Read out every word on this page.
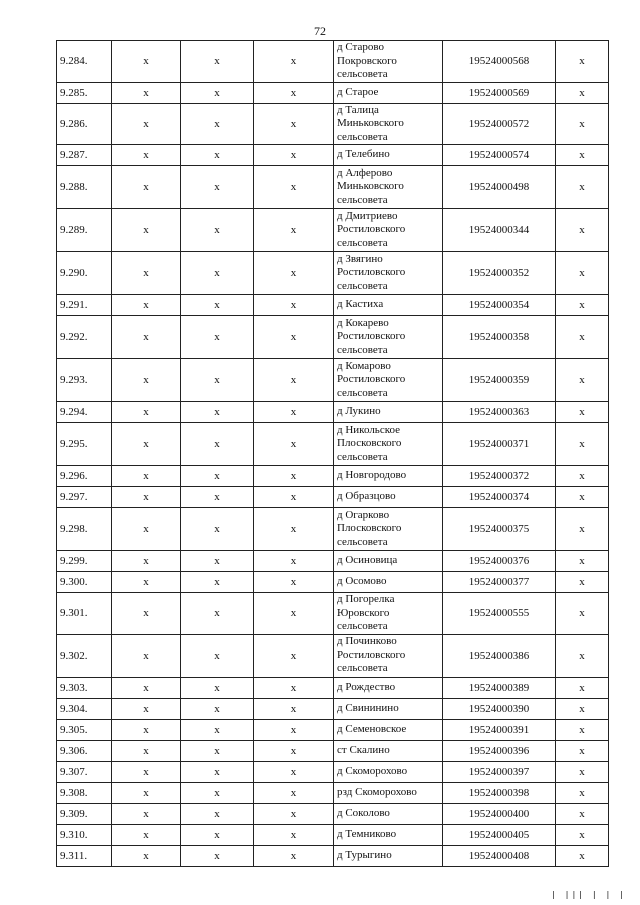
72
9.284.	х	х	х	д Старово Покровского сельсовета	19524000568	х
9.285.	х	х	х	д Старое	19524000569	х
9.286.	х	х	х	д Талица Миньковского сельсовета	19524000572	х
9.287.	х	х	х	д Телебино	19524000574	х
9.288.	х	х	х	д Алферово Миньковского сельсовета	19524000498	х
9.289.	х	х	х	д Дмитриево Ростиловского сельсовета	19524000344	х
9.290.	х	х	х	д Звягино Ростиловского сельсовета	19524000352	х
9.291.	х	х	х	д Кастиха	19524000354	х
9.292.	х	х	х	д Кокарево Ростиловского сельсовета	19524000358	х
9.293.	х	х	х	д Комарово Ростиловского сельсовета	19524000359	х
9.294.	х	х	х	д Лукино	19524000363	х
9.295.	х	х	х	д Никольское Плосковского сельсовета	19524000371	х
9.296.	х	х	х	д Новгородово	19524000372	х
9.297.	х	х	х	д Образцово	19524000374	х
9.298.	х	х	х	д Огарково Плосковского сельсовета	19524000375	х
9.299.	х	х	х	д Осиновица	19524000376	х
9.300.	х	х	х	д Осомово	19524000377	х
9.301.	х	х	х	д Погорелка Юровского сельсовета	19524000555	х
9.302.	х	х	х	д Починково Ростиловского сельсовета	19524000386	х
9.303.	х	х	х	д Рождество	19524000389	х
9.304.	х	х	х	д Свининино	19524000390	х
9.305.	х	х	х	д Семеновское	19524000391	х
9.306.	х	х	х	ст Скалино	19524000396	х
9.307.	х	х	х	д Скоморохово	19524000397	х
9.308.	х	х	х	рзд Скоморохово	19524000398	х
9.309.	х	х	х	д Соколово	19524000400	х
9.310.	х	х	х	д Темниково	19524000405	х
9.311.	х	х	х	д Турыгино	19524000408	х
| ||| | | |
